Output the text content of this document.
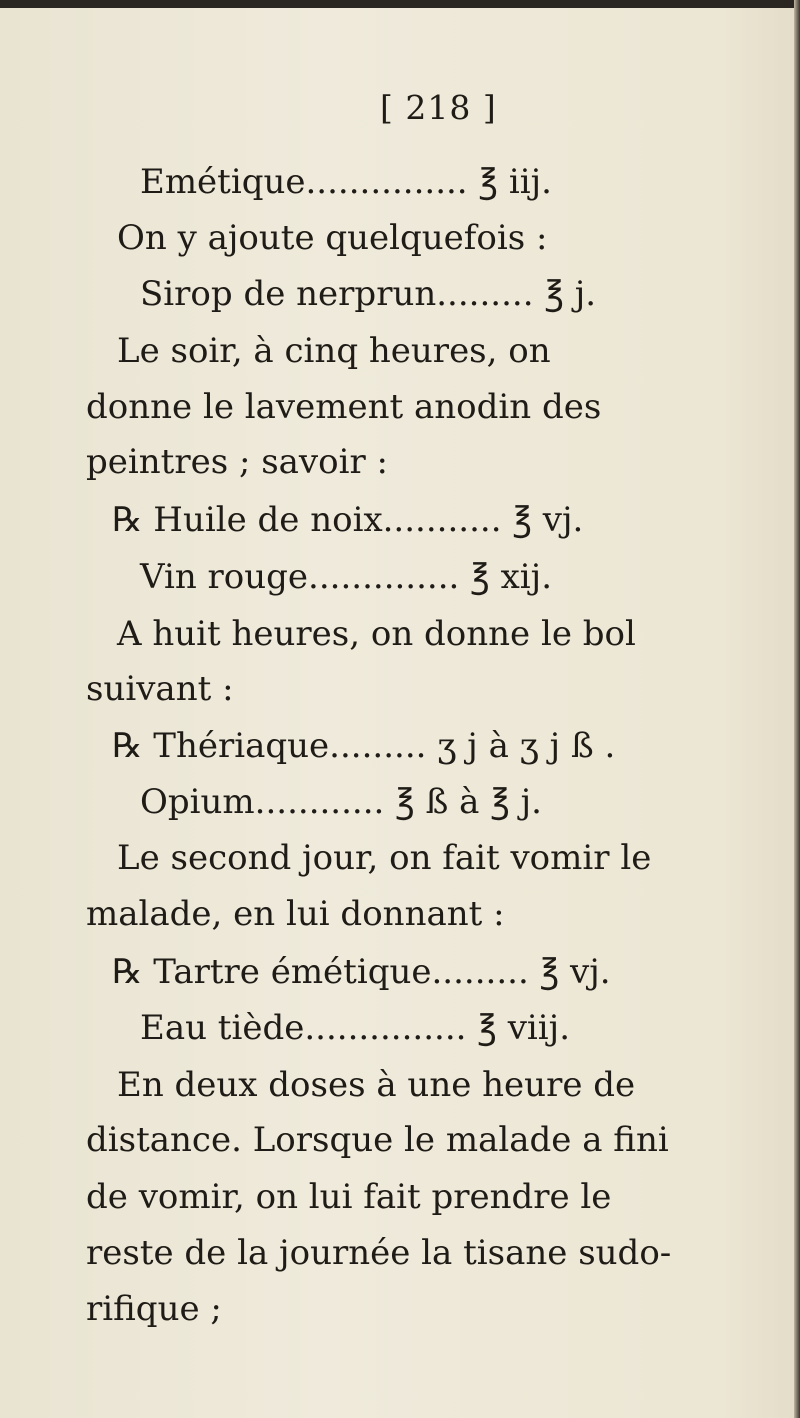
[ 218 ]
Emétique............... ℥ iij.
On y ajoute quelquefois :
Sirop de nerprun......... ℥ j.
Le soir, à cinq heures, on
donne le lavement anodin des
peintres ; savoir :
℞ Huile de noix........... ℥ vj.
Vin rouge.............. ℥ xij.
A huit heures, on donne le bol
suivant :
℞ Thériaque......... ʒ j à ʒ j ß .
Opium............ ℥ ß à ℥ j.
Le second jour, on fait vomir le
malade, en lui donnant :
℞ Tartre émétique......... ℥ vj.
Eau tiède............... ℥ viij.
En deux doses à une heure de
distance. Lorsque le malade a fini
de vomir, on lui fait prendre le
reste de la journée la tisane sudo-
rifique ;
